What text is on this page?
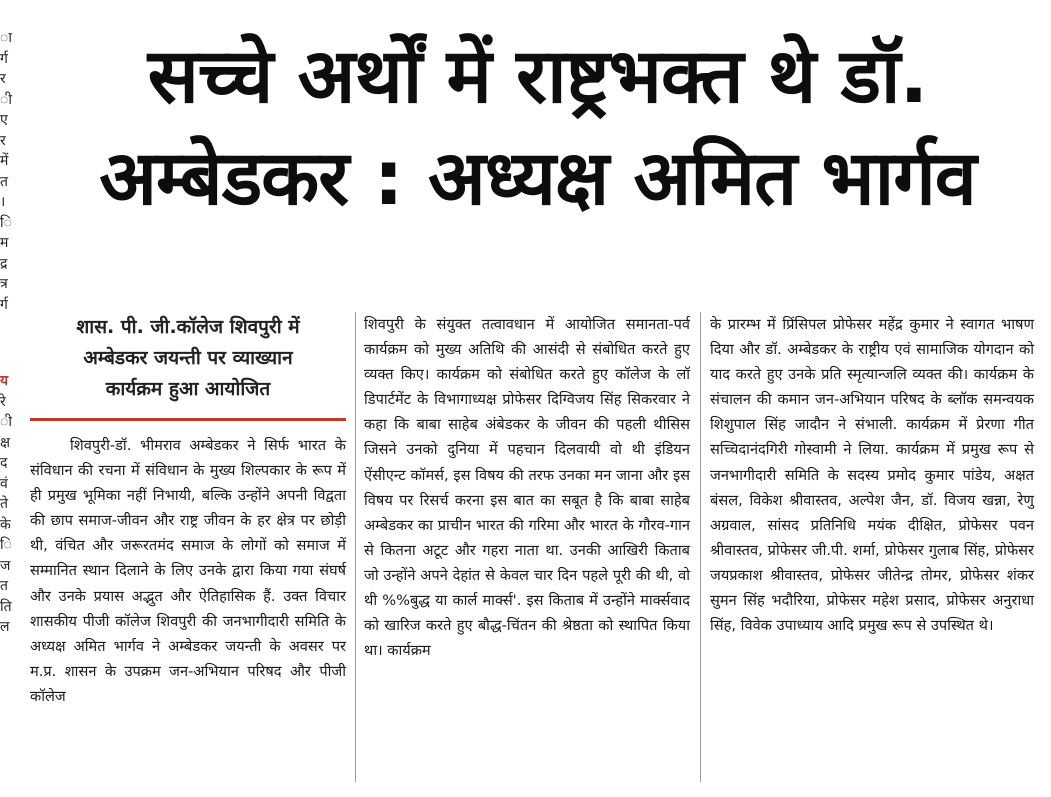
ा
र्ग
र
ी
ए
र
में
त
।
ि
म
द्र
त्र
र्ग
य
रे
ी
क्ष
द
वं
ते
के
ि
ज
त
ति
ल
सच्चे अर्थों में राष्ट्रभक्त थे डॉ.
अम्बेडकर : अध्यक्ष अमित भार्गव
शास. पी. जी.कॉलेज शिवपुरी में
अम्बेडकर जयन्ती पर व्याख्यान
कार्यक्रम हुआ आयोजित

शिवपुरी-डॉ. भीमराव अम्बेडकर ने सिर्फ भारत के संविधान की रचना में संविधान के मुख्य शिल्पकार के रूप में ही प्रमुख भूमिका नहीं निभायी, बल्कि उन्होंने अपनी विद्वता की छाप समाज-जीवन और राष्ट्र जीवन के हर क्षेत्र पर छोड़ी थी, वंचित और जरूरतमंद समाज के लोगों को समाज में सम्मानित स्थान दिलाने के लिए उनके द्वारा किया गया संघर्ष और उनके प्रयास अद्भुत और ऐतिहासिक हैं. उक्त विचार शासकीय पीजी कॉलेज शिवपुरी की जनभागीदारी समिति के अध्यक्ष अमित भार्गव ने अम्बेडकर जयन्ती के अवसर पर म.प्र. शासन के उपक्रम जन-अभियान परिषद और पीजी कॉलेज

शिवपुरी के संयुक्त तत्वावधान में आयोजित समानता-पर्व कार्यक्रम को मुख्य अतिथि की आसंदी से संबोधित करते हुए व्यक्त किए। कार्यक्रम को संबोधित करते हुए कॉलेज के लॉ डिपार्टमेंट के विभागाध्यक्ष प्रोफेसर दिग्विजय सिंह सिकरवार ने कहा कि बाबा साहेब अंबेडकर के जीवन की पहली थीसिस जिसने उनको दुनिया में पहचान दिलवायी वो थी इंडियन ऐंसीएन्ट कॉमर्स, इस विषय की तरफ उनका मन जाना और इस विषय पर रिसर्च करना इस बात का सबूत है कि बाबा साहेब अम्बेडकर का प्राचीन भारत की गरिमा और भारत के गौरव-गान से कितना अटूट और गहरा नाता था. उनकी आखिरी किताब जो उन्होंने अपने देहांत से केवल चार दिन पहले पूरी की थी, वो थी %%बुद्ध या कार्ल मार्क्स'. इस किताब में उन्होंने मार्क्सवाद को खारिज करते हुए बौद्ध-चिंतन की श्रेष्ठता को स्थापित किया था। कार्यक्रम

के प्रारम्भ में प्रिंसिपल प्रोफेसर महेंद्र कुमार ने स्वागत भाषण दिया और डॉ. अम्बेडकर के राष्ट्रीय एवं सामाजिक योगदान को याद करते हुए उनके प्रति स्मृत्यान्जलि व्यक्त की। कार्यक्रम के संचालन की कमान जन-अभियान परिषद के ब्लॉक समन्वयक शिशुपाल सिंह जादौन ने संभाली. कार्यक्रम में प्रेरणा गीत सच्चिदानंदगिरी गोस्वामी ने लिया. कार्यक्रम में प्रमुख रूप से जनभागीदारी समिति के सदस्य प्रमोद कुमार पांडेय, अक्षत बंसल, विकेश श्रीवास्तव, अल्पेश जैन, डॉ. विजय खन्ना, रेणु अग्रवाल, सांसद प्रतिनिधि मयंक दीक्षित, प्रोफेसर पवन श्रीवास्तव, प्रोफेसर जी.पी. शर्मा, प्रोफेसर गुलाब सिंह, प्रोफेसर जयप्रकाश श्रीवास्तव, प्रोफेसर जीतेन्द्र तोमर, प्रोफेसर शंकर सुमन सिंह भदौरिया, प्रोफेसर महेश प्रसाद, प्रोफेसर अनुराधा सिंह, विवेक उपाध्याय आदि प्रमुख रूप से उपस्थित थे।
